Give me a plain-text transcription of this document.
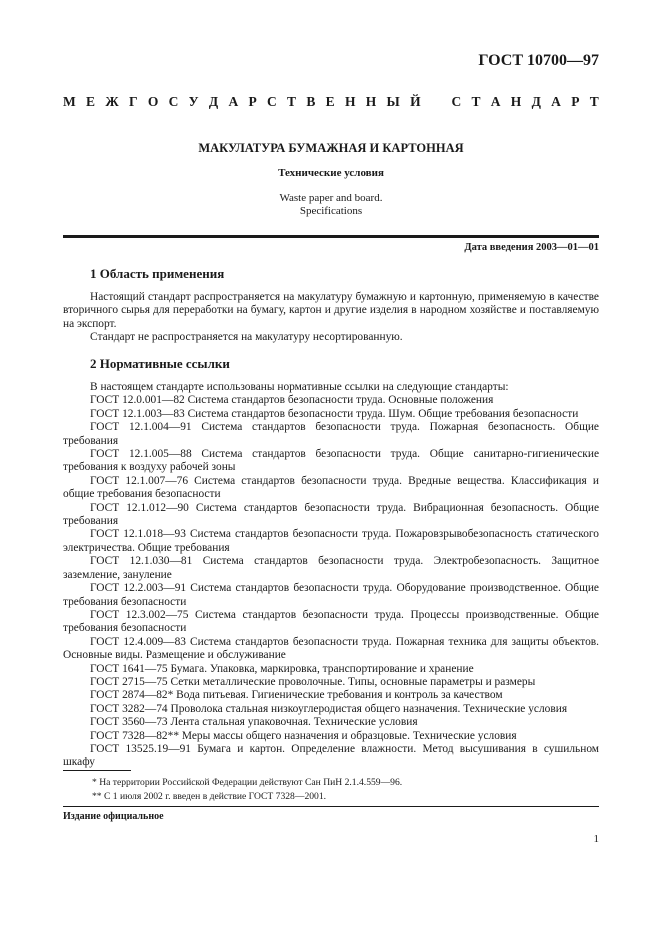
ГОСТ 10700—97
М Е Ж Г О С У Д А Р С Т В Е Н Н Ы Й С Т А Н Д А Р Т
МАКУЛАТУРА БУМАЖНАЯ И КАРТОННАЯ
Технические условия
Waste paper and board.
Specifications
Дата введения 2003—01—01
1 Область применения

Настоящий стандарт распространяется на макулатуру бумажную и картонную, применяемую в качестве вторичного сырья для переработки на бумагу, картон и другие изделия в народном хозяйстве и поставляемую на экспорт.

Стандарт не распространяется на макулатуру несортированную.

2 Нормативные ссылки

В настоящем стандарте использованы нормативные ссылки на следующие стандарты:

ГОСТ 12.0.001—82 Система стандартов безопасности труда. Основные положения

ГОСТ 12.1.003—83 Система стандартов безопасности труда. Шум. Общие требования безопасности

ГОСТ 12.1.004—91 Система стандартов безопасности труда. Пожарная безопасность. Общие требования

ГОСТ 12.1.005—88 Система стандартов безопасности труда. Общие санитарно-гигиенические требования к воздуху рабочей зоны

ГОСТ 12.1.007—76 Система стандартов безопасности труда. Вредные вещества. Классификация и общие требования безопасности

ГОСТ 12.1.012—90 Система стандартов безопасности труда. Вибрационная безопасность. Общие требования

ГОСТ 12.1.018—93 Система стандартов безопасности труда. Пожаровзрывобезопасность статического электричества. Общие требования

ГОСТ 12.1.030—81 Система стандартов безопасности труда. Электробезопасность. Защитное заземление, зануление

ГОСТ 12.2.003—91 Система стандартов безопасности труда. Оборудование производственное. Общие требования безопасности

ГОСТ 12.3.002—75 Система стандартов безопасности труда. Процессы производственные. Общие требования безопасности

ГОСТ 12.4.009—83 Система стандартов безопасности труда. Пожарная техника для защиты объектов. Основные виды. Размещение и обслуживание

ГОСТ 1641—75 Бумага. Упаковка, маркировка, транспортирование и хранение

ГОСТ 2715—75 Сетки металлические проволочные. Типы, основные параметры и размеры

ГОСТ 2874—82* Вода питьевая. Гигиенические требования и контроль за качеством

ГОСТ 3282—74 Проволока стальная низкоуглеродистая общего назначения. Технические условия

ГОСТ 3560—73 Лента стальная упаковочная. Технические условия

ГОСТ 7328—82** Меры массы общего назначения и образцовые. Технические условия

ГОСТ 13525.19—91 Бумага и картон. Определение влажности. Метод высушивания в сушильном шкафу

* На территории Российской Федерации действуют Сан ПиН 2.1.4.559—96.
** С 1 июля 2002 г. введен в действие ГОСТ 7328—2001.
Издание официальное
1
